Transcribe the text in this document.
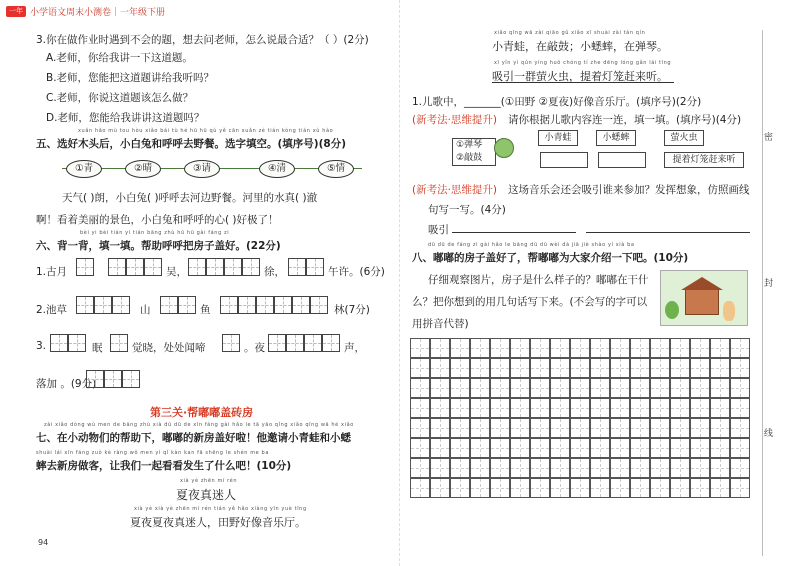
一年 小学语文周末小测卷｜一年级下册
3.你在做作业时遇到不会的题，想去问老师，怎么说最合适？（ ）(2分)
A.老师，你给我讲一下这道题。
B.老师，您能把这道题讲给我听吗？
C.老师，你说这道题该怎么做？
D.老师，您能给我讲讲这道题吗？
xuǎn hǎo mù tou hòu xiǎo bái tù hé hū hū qù yě cān xuǎn zé tián kòng tián xù hào
五、选好木头后，小白兔和呼呼去野餐。选字填空。(填序号)(8分)
①青	②晴	③请	④清	⑤情
天气( )朗，小白兔( )呼呼去河边野餐。河里的水真( )澈
啊！看着美丽的景色，小白兔和呼呼的心( )好极了！
bèi yi bèi tián yi tián bāng zhù hū hū gài fáng zi
六、背一背，填一填。帮助呼呼把房子盖好。(22分)
1.古月	吴，	徐，	午许。(6分)
2.池草	山	鱼	林(7分)
3.	眠	觉晓，处处闻啼	。夜	声，
落加 。(9分)
第三关·帮嘟嘟盖砖房
zài xiǎo dòng wù men de bāng zhù xià dū dū de xīn fáng gài hǎo le tā yāo qǐng xiǎo qīng wā hé xiǎo
七、在小动物们的帮助下，嘟嘟的新房盖好啦！他邀请小青蛙和小蟋
shuài lái xīn fáng zuò kè ràng wǒ men yì qǐ kàn kan fā shēng le shén me ba
蟀去新房做客，让我们一起看看发生了什么吧！(10分)
xià yè zhēn mí rén
夏夜真迷人
xià yè xià yè zhēn mí rén tián yě hǎo xiàng yīn yuè tīng
夏夜夏夜真迷人，田野好像音乐厅。
94
xiǎo qīng wā zài qiāo gǔ xiǎo xī shuài zài tán qín
小青蛙，在敲鼓；小蟋蟀，在弹琴。
xī yǐn yì qún yíng huǒ chóng tí zhe dēng lóng gǎn lái tīng
吸引一群萤火虫，提着灯笼赶来听。
1.儿歌中，_______(①田野 ②夏夜)好像音乐厅。(填序号)(2分)
(新考法·思维提升) 请你根据儿歌内容连一连，填一填。(填序号)(4分)
①弹琴
②敲鼓
小青蛙	小蟋蟀	萤火虫
提着灯笼赶来听
(新考法·思维提升) 这场音乐会还会吸引谁来参加？发挥想象，仿照画线
句写一写。(4分)
吸引
dū dū de fáng zi gài hǎo le bāng dū dū wèi dà jiā jiè shào yí xià ba
八、嘟嘟的房子盖好了，帮嘟嘟为大家介绍一下吧。(10分)
仔细观察图片，房子是什么样子的？嘟嘟在干什
么？把你想到的用几句话写下来。(不会写的字可以
用拼音代替)
密
封
线
